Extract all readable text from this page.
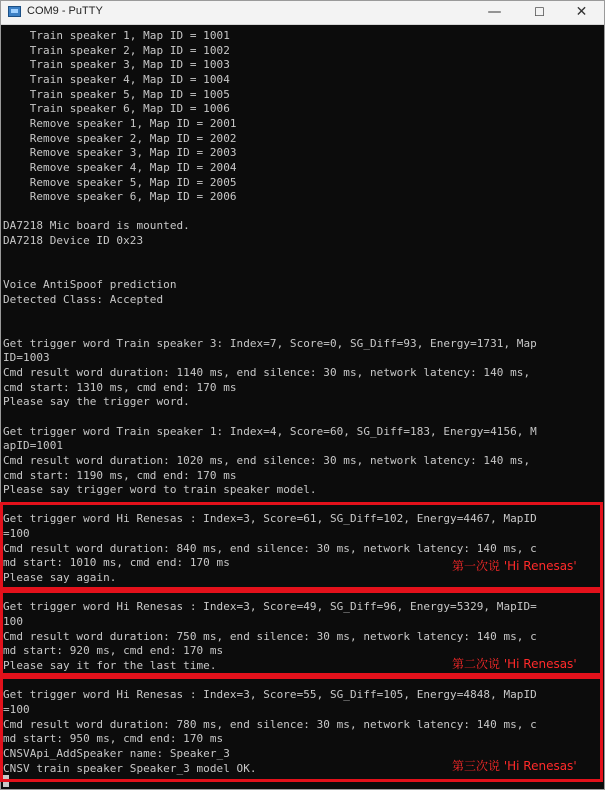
COM9 - PuTTY	—	☐	✕
Train speaker 1, Map ID = 1001
Train speaker 2, Map ID = 1002
Train speaker 3, Map ID = 1003
Train speaker 4, Map ID = 1004
Train speaker 5, Map ID = 1005
Train speaker 6, Map ID = 1006
Remove speaker 1, Map ID = 2001
Remove speaker 2, Map ID = 2002
Remove speaker 3, Map ID = 2003
Remove speaker 4, Map ID = 2004
Remove speaker 5, Map ID = 2005
Remove speaker 6, Map ID = 2006
DA7218 Mic board is mounted.
DA7218 Device ID 0x23
Voice AntiSpoof prediction
Detected Class: Accepted
Get trigger word Train speaker 3: Index=7, Score=0, SG_Diff=93, Energy=1731, Map
ID=1003
Cmd result word duration: 1140 ms, end silence: 30 ms, network latency: 140 ms,
cmd start: 1310 ms, cmd end: 170 ms
Please say the trigger word.
Get trigger word Train speaker 1: Index=4, Score=60, SG_Diff=183, Energy=4156, M
apID=1001
Cmd result word duration: 1020 ms, end silence: 30 ms, network latency: 140 ms,
cmd start: 1190 ms, cmd end: 170 ms
Please say trigger word to train speaker model.
Get trigger word Hi Renesas : Index=3, Score=61, SG_Diff=102, Energy=4467, MapID
=100
Cmd result word duration: 840 ms, end silence: 30 ms, network latency: 140 ms, c
md start: 1010 ms, cmd end: 170 ms
Please say again.
Get trigger word Hi Renesas : Index=3, Score=49, SG_Diff=96, Energy=5329, MapID=
100
Cmd result word duration: 750 ms, end silence: 30 ms, network latency: 140 ms, c
md start: 920 ms, cmd end: 170 ms
Please say it for the last time.
Get trigger word Hi Renesas : Index=3, Score=55, SG_Diff=105, Energy=4848, MapID
=100
Cmd result word duration: 780 ms, end silence: 30 ms, network latency: 140 ms, c
md start: 950 ms, cmd end: 170 ms
CNSVApi_AddSpeaker name: Speaker_3
CNSV train speaker Speaker_3 model OK.
第一次说 'Hi Renesas'
第二次说 'Hi Renesas'
第三次说 'Hi Renesas'
